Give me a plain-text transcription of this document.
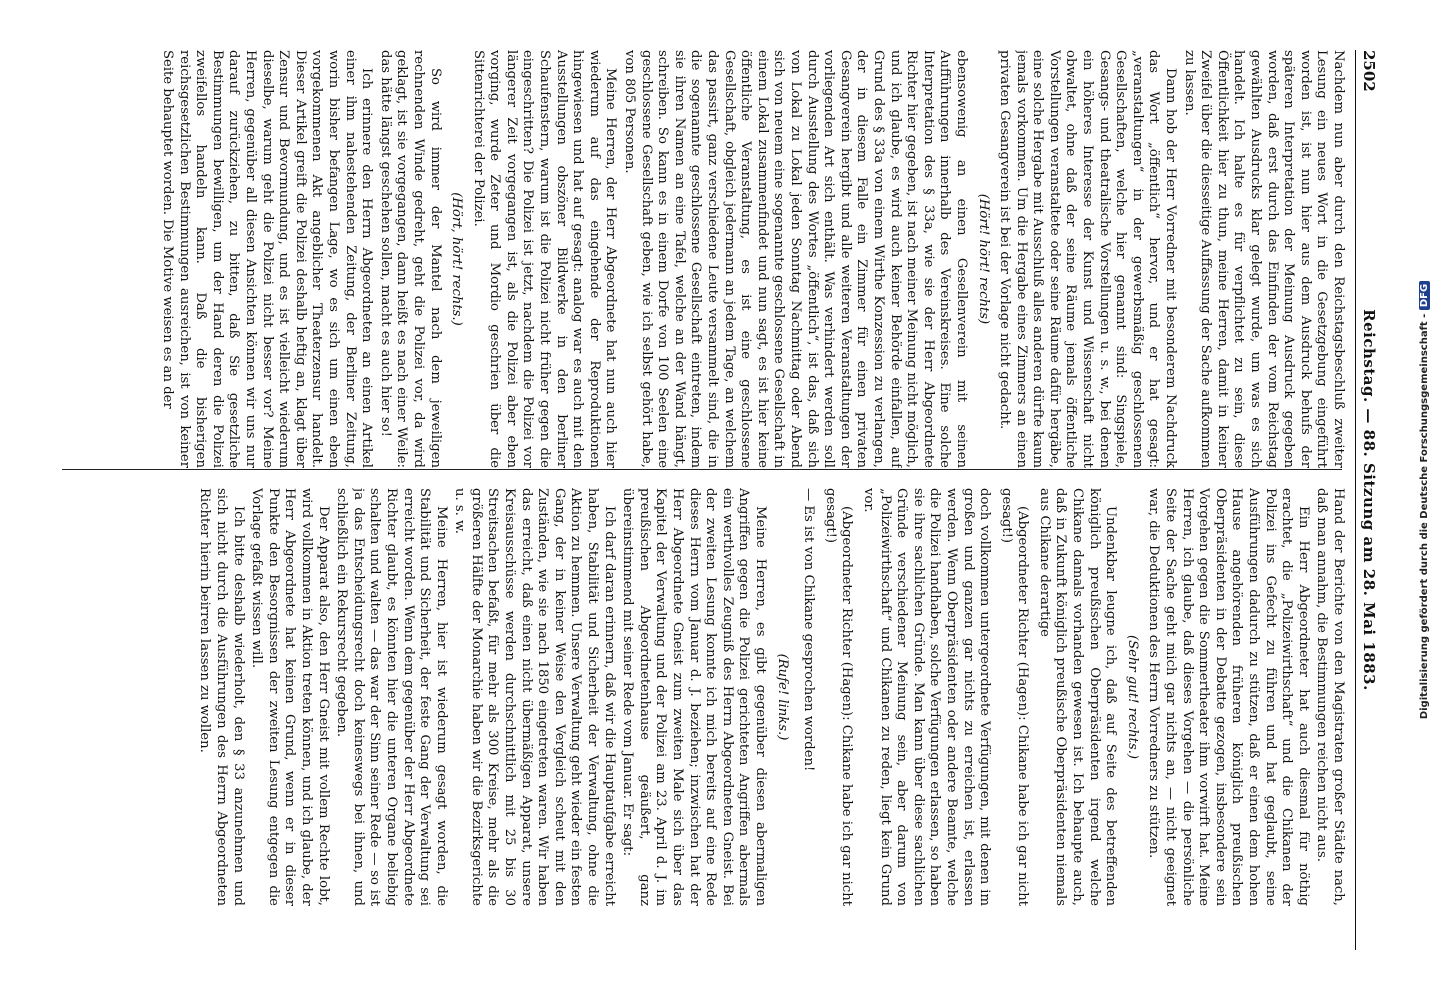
2502
Reichstag. — 88. Sitzung am 28. Mai 1883.

Nachdem nun aber durch den Reichstagsbeschluß zweiter Lesung ein neues Wort in die Gesetzgebung eingeführt worden ist, ist nun hier aus dem Ausdruck behufs der späteren Interpretation der Meinung Ausdruck gegeben worden, daß erst durch das Einfinden der vom Reichstag gewählten Ausdrucks klar gelegt wurde, um was es sich handelt. Ich halte es für verpflichtet zu sein, diese Öffentlichkeit hier zu thun, meine Herren, damit in keiner Zweifel über die diesseitige Auffassung der Sache aufkommen zu lassen.

Dann hob der Herr Vorredner mit besonderem Nachdruck das Wort „öffentlich“ hervor, und er hat gesagt: „veranstaltungen“ in der gewerbsmäßig geschlossenen Gesellschaften, welche hier genannt sind: Singspiele, Gesangs- und theatralische Vorstellungen u. s. w., bei denen ein höheres Interesse der Kunst und Wissenschaft nicht obwaltet, ohne daß der seine Räume jemals öffentliche Vorstellungen veranstaltete oder seine Räume dafür hergäbe, eine solche Hergabe mit Ausschluß alles anderen dürfte kaum jemals vorkommen. Um die Hergabe eines Zimmers an einen privaten Gesangverein ist bei der Vorlage nicht gedacht.

(Hört! hört! rechts)

ebensowenig an einen Gesellenverein mit seinen Aufführungen innerhalb des Vereinskreises. Eine solche Interpretation des § 33a, wie sie der Herr Abgeordnete Richter hier gegeben, ist nach meiner Meinung nicht möglich, und ich glaube, es wird auch keiner Behörde einfallen, auf Grund des § 33a von einem Wirthe Konzession zu verlangen, der in diesem Falle ein Zimmer für einen privaten Gesangverein hergibt und alle weiteren Veranstaltungen der vorliegenden Art sich enthält. Was verhindert werden soll durch Ausstellung des Wortes „öffentlich“, ist das, daß sich von Lokal zu Lokal jeden Sonntag Nachmittag oder Abend sich von neuem eine sogenannte geschlossene Gesellschaft in einem Lokal zusammenfindet und nun sagt, es ist hier keine öffentliche Veranstaltung, es ist eine geschlossene Gesellschaft, obgleich jedermann an jedem Tage, an welchem das passirt, ganz verschiedene Leute versammelt sind, die in die sogenannte geschlossene Gesellschaft eintreten, indem sie ihren Namen an eine Tafel, welche an der Wand hängt, schreiben. So kann es in einem Dorfe von 100 Seelen eine geschlossene Gesellschaft geben, wie ich selbst gehört habe, von 805 Personen.

Meine Herren, der Herr Abgeordnete hat nun auch hier wiederum auf das eingehende der Reproduktionen hingewiesen und hat auf gesagt: analog war es auch mit den Ausstellungen obszöner Bildwerke in den berliner Schaufenstern, warum ist die Polizei nicht früher gegen die eingeschritten? Die Polizei ist jetzt, nachdem die Polizei vor längerer Zeit vorgegangen ist, als die Polizei aber eben vorging, wurde Zeter und Mordio geschrien über die Sittenrichterei der Polizei.

(Hört, hört! rechts.)

So wird immer der Mantel nach dem jeweiligen rechnenden Winde gedreht, geht die Polizei vor, da wird geklagt, ist sie vorgegangen, dann heißt es nach einer Weile: das hätte längst geschehen sollen, macht es auch hier so!

Ich erinnere den Herrn Abgeordneten an einen Artikel einer ihm nahestehenden Zeitung, der Berliner Zeitung, worin bisher befangen Lage, wo es sich um einen eben vorgekommenen Akt angeblicher Theaterzensur handelt. Dieser Artikel greift die Polizei deshalb heftig an, klagt über Zensur und Bevormundung, und es ist vielleicht wiederum dieselbe, warum geht die Polizei nicht besser vor? Meine Herren, gegenüber all diesen Ansichten können wir uns nur darauf zurückziehen, zu bitten, daß Sie gesetzliche Bestimmungen bewilligen, um der Hand deren die Polizei zweifellos handeln kann. Daß die bisherigen reichsgesetzlichen Bestimmungen ausreichen, ist von keiner Seite behauptet worden. Die Motive weisen es an der

Hand der Berichte von den Magistraten großer Städte nach, daß man annahm, die Bestimmungen reichen nicht aus.

Ein Herr Abgeordneter hat auch diesmal für nöthig erachtet, die „Polizeiwirthschaft“ und die Chikanen der Polizei ins Gefecht zu führen und hat geglaubt, seine Ausführungen dadurch zu stützen, daß er einen dem hohen Hause angehörenden früheren königlich preußischen Oberpräsidenten in der Debatte gezogen, insbesondere sein Vorgehen gegen die Sommertheater ihm vorwirft hat. Meine Herren, ich glaube, daß dieses Vorgehen — die persönliche Seite der Sache geht mich gar nichts an, — nicht geeignet war, die Deduktionen des Herrn Vorredners zu stützen.

(Sehr gut! rechts.)

Undenkbar leugne ich, daß auf Seite des betreffenden königlich preußischen Oberpräsidenten irgend welche Chikane damals vorhanden gewesen ist. Ich behaupte auch, daß in Zukunft königlich preußische Oberpräsidenten niemals aus Chikane derartige

(Abgeordneter Richter (Hagen): Chikane habe ich gar nicht gesagt!)

doch vollkommen untergeordnete Verfügungen, mit denen im großen und ganzen gar nichts zu erreichen ist, erlassen werden. Wenn Oberpräsidenten oder andere Beamte, welche die Polizei handhaben, solche Verfügungen erlassen, so haben sie ihre sachlichen Gründe. Man kann über diese sachlichen Gründe verschiedener Meinung sein, aber darum von „Polizeiwirthschaft“ und Chikanen zu reden, liegt kein Grund vor.

(Abgeordneter Richter (Hagen): Chikane habe ich gar nicht gesagt!)

— Es ist von Chikane gesprochen worden!

(Rufe! links.)

Meine Herren, es gibt gegenüber diesen abermaligen Angriffen gegen die Polizei gerichteten Angriffen abermals ein werthvolles Zeugniß des Herrn Abgeordneten Gneist. Bei der zweiten Lesung konnte ich mich bereits auf eine Rede dieses Herrn vom Januar d. J. beziehen; inzwischen hat der Herr Abgeordnete Gneist zum zweiten Male sich über das Kapitel der Verwaltung und der Polizei am 23. April d. J. im preußischen Abgeordnetenhause geäußert, ganz übereinstimmend mit seiner Rede vom Januar. Er sagt:

Ich darf daran erinnern, daß wir die Hauptaufgabe erreicht haben, Stabilität und Sicherheit der Verwaltung, ohne die Aktion zu hemmen. Unsere Verwaltung geht wieder ein festen Gang, der in keiner Weise den Vergleich scheut mit den Zuständen, wie sie nach 1850 eingetreten waren. Wir haben das erreicht, daß einen nicht übermäßigen Apparat, unsere Kreisausschüsse werden durchschnittlich mit 25 bis 30 Streitsachen befaßt, für mehr als 300 Kreise, mehr als die größeren Hälfte der Monarchie haben wir die Bezirksgerichte u. s. w.

Meine Herren, hier ist wiederum gesagt worden, die Stabilität und Sicherheit, der feste Gang der Verwaltung sei erreicht worden. Wenn dem gegenüber der Herr Abgeordnete Richter glaubt, es könnten hier die unteren Organe beliebig schalten und walten — das war der Sinn seiner Rede — so ist ja das Entscheidungsrecht doch keineswegs bei ihnen, und schließlich ein Rekursrecht gegeben.

Der Apparat also, den Herr Gneist mit vollem Rechte lobt, wird vollkommen in Aktion treten können, und ich glaube, der Herr Abgeordnete hat keinen Grund, wenn er in dieser Punkte den Besorgnissen der zweiten Lesung entgegen die Vorlage gefaßt wissen will.

Ich bitte deshalb wiederholt, den § 33 anzunehmen und sich nicht durch die Ausführungen des Herrn Abgeordneten Richter hierin beirren lassen zu wollen.	Digitalisierung gefördert durch die Deutsche Forschungsgemeinschaft - DFG
